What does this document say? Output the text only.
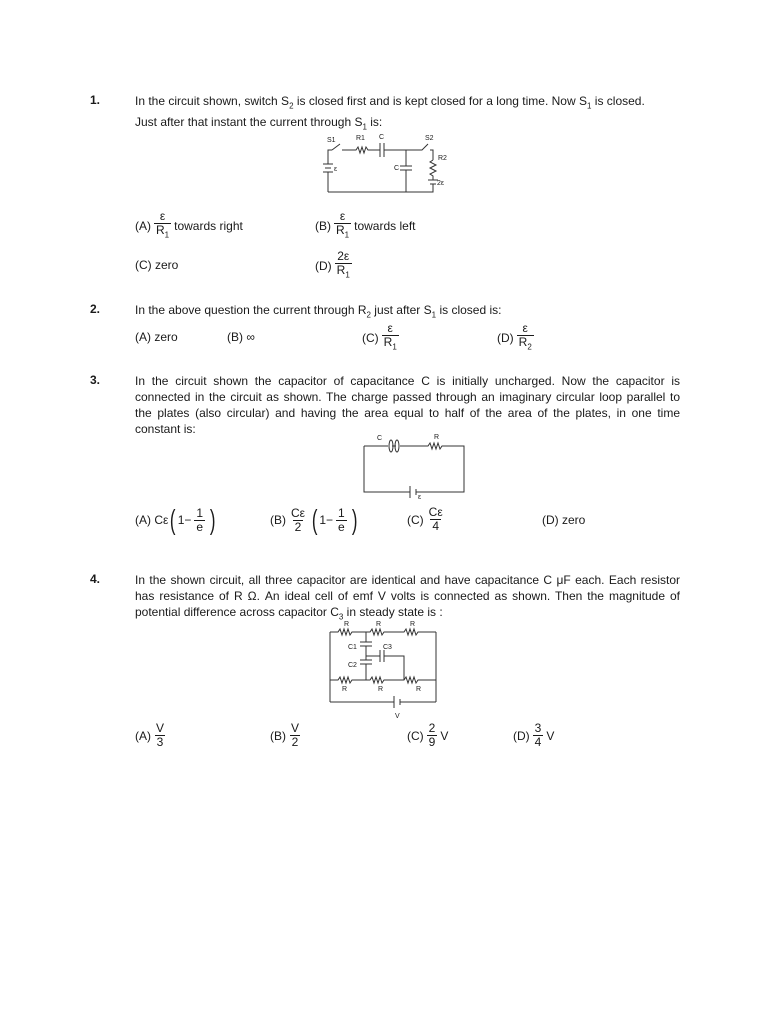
1.	In the circuit shown, switch $S_2$ is closed first and is kept closed for a long time. Now $S_1$ is closed.
Just after that instant the current through $S_1$ is:
S1	R1 C	S2
R2
C
ε
2ε
$(A) \frac{\varepsilon}{R_1}$ towards right	$(B) \frac{\varepsilon}{R_1}$ towards left
(C) zero	$(D) \frac{2\varepsilon}{R_1}$
2.	In the above question the current through $R_2$ just after $S_1$ is closed is:
(A) zero	(B) ∞	$(C) \frac{\varepsilon}{R_1}$	$(D) \frac{\varepsilon}{R_2}$
3.	In the circuit shown the capacitor of capacitance C is initially uncharged. Now the capacitor is connected in the circuit as shown. The charge passed through an imaginary circular loop parallel to the plates (also circular) and having the area equal to half of the area of the plates, in one time constant is:
C	R
ε
(A) Cε ( $1- \frac{1}{e}$ )	$(B) \frac{C\varepsilon}{2}$ ( $1- \frac{1}{e}$ )	$(C) \frac{C\varepsilon}{4}$	(D) zero
4.	In the shown circuit, all three capacitor are identical and have capacitance C μF each. Each resistor has resistance of R Ω. An ideal cell of emf V volts is connected as shown. Then the magnitude of potential difference across capacitor $C_3$ in steady state is :
R	R	R
C1	C3
C2
R	R	R
V
$(A) \frac{V}{3}$	$(B) \frac{V}{2}$	$(C) \frac{2}{9}$ V	$(D) \frac{3}{4}$ V
